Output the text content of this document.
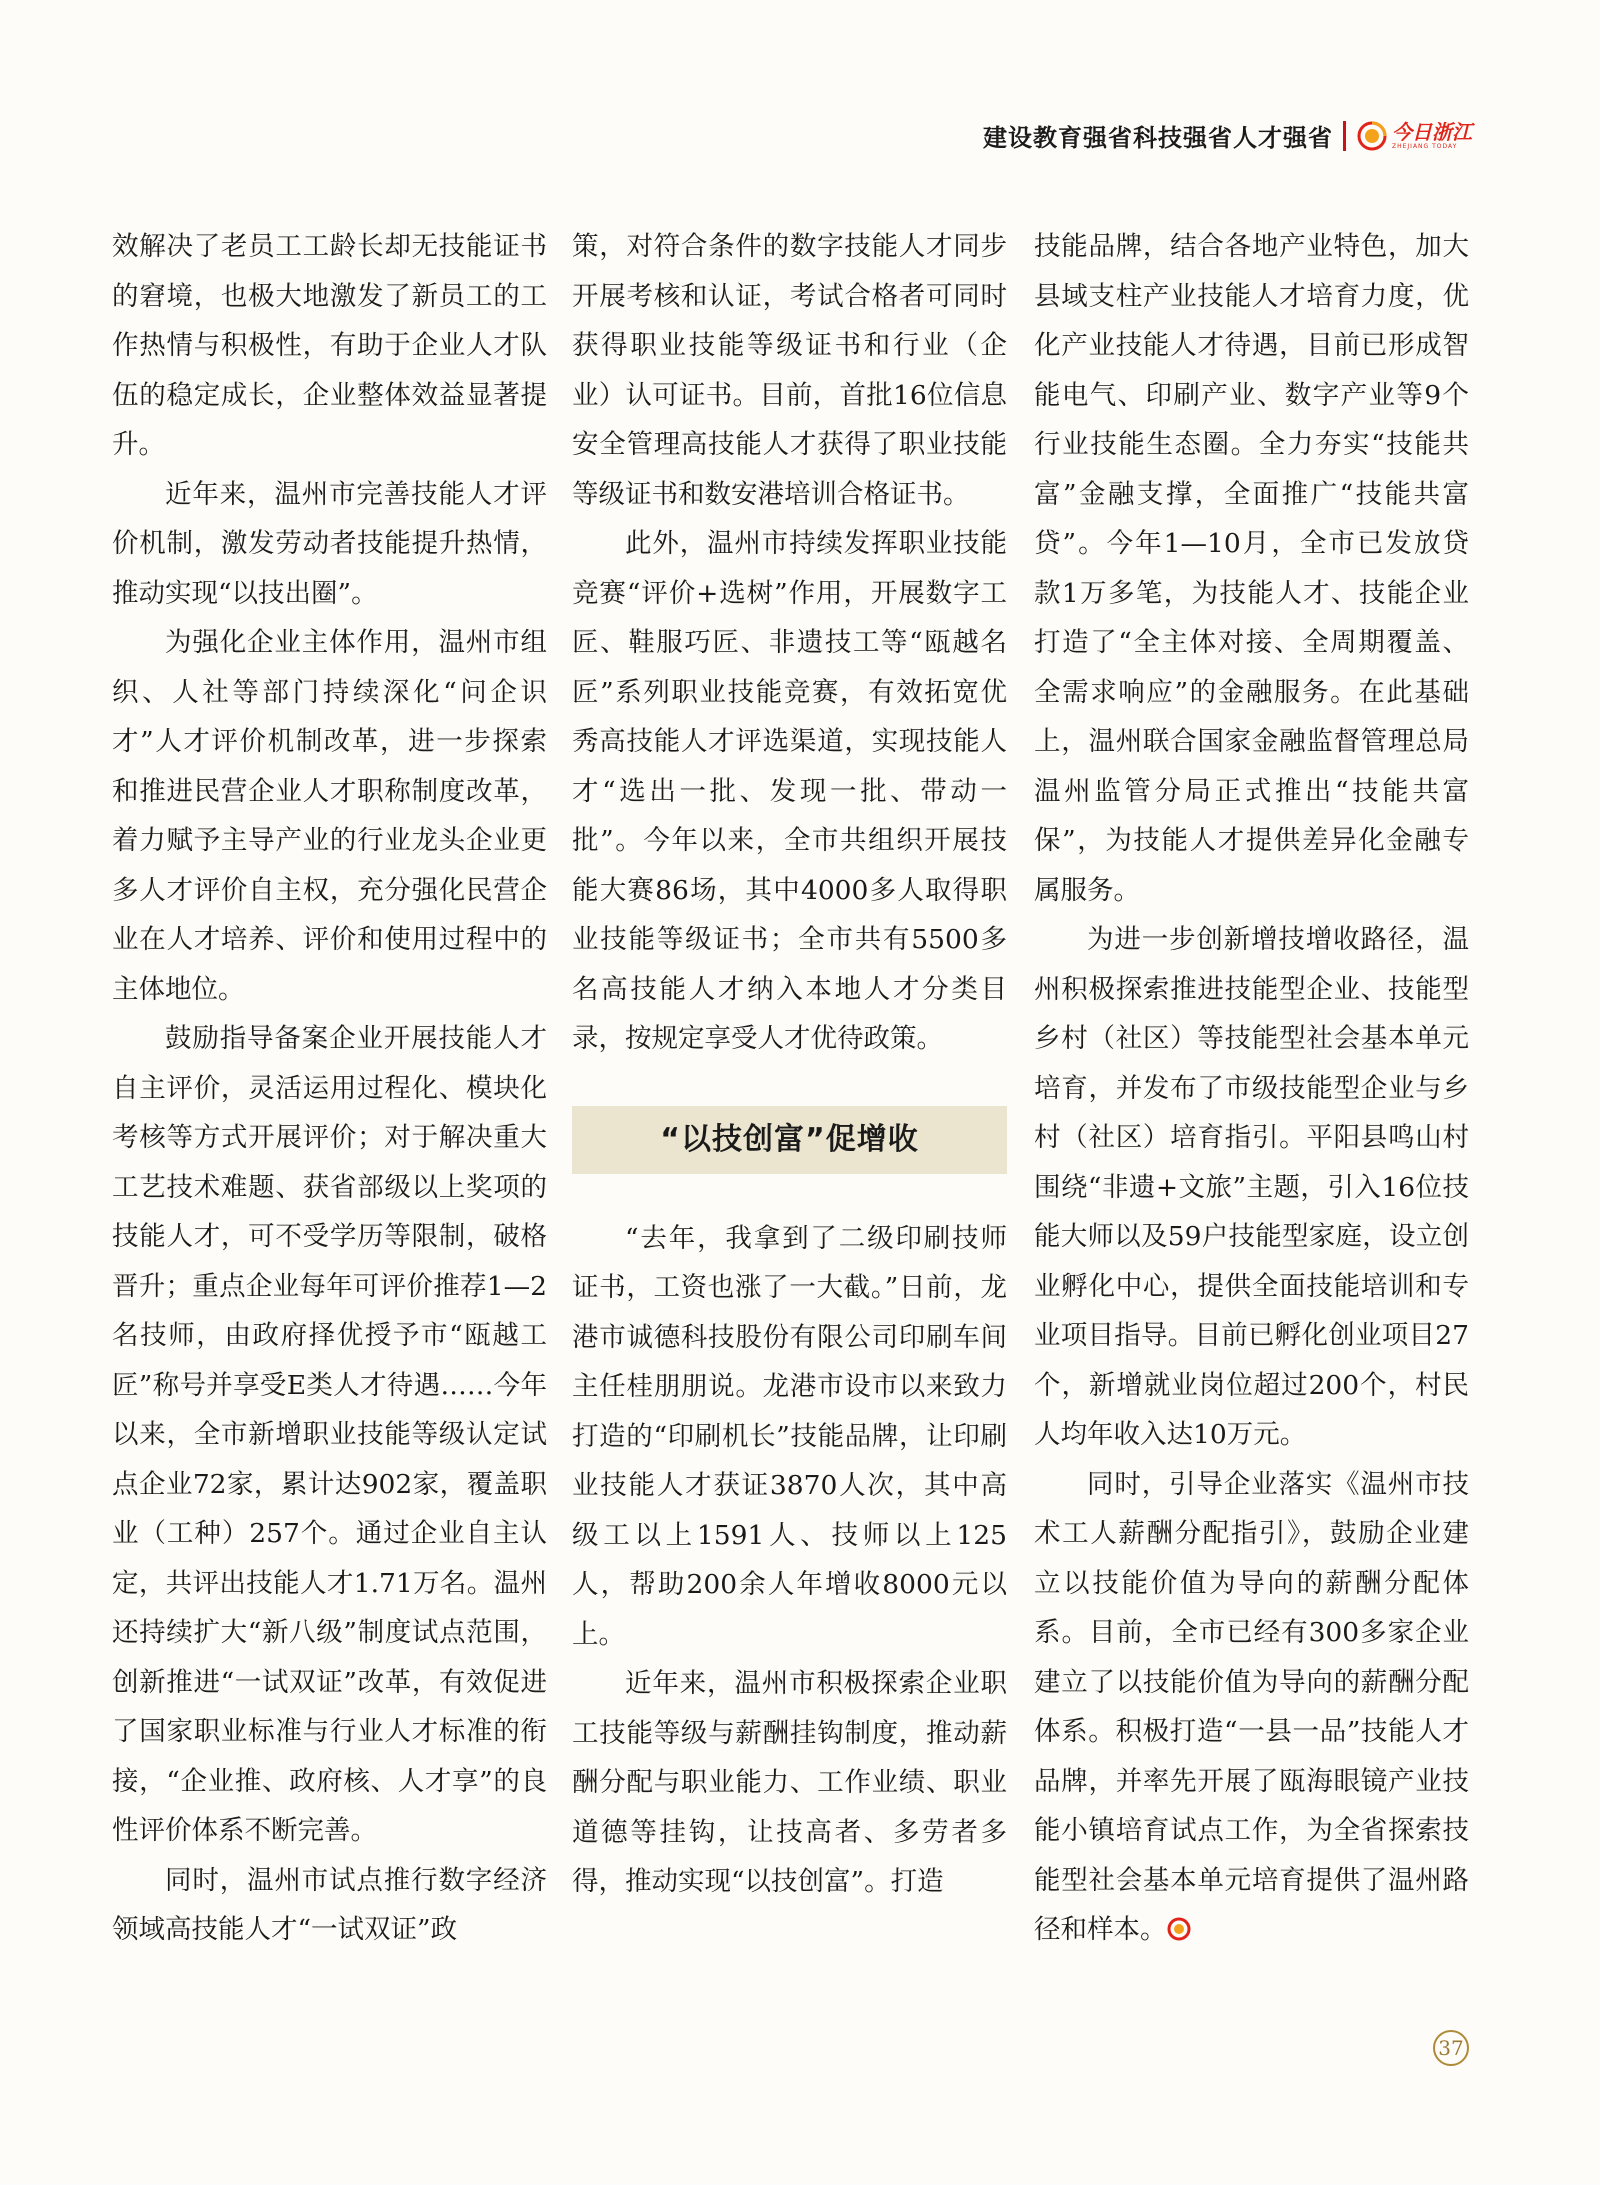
建设教育强省科技强省人才强省	今日浙江
ZHEJIANG TODAY

效解决了老员工工龄长却无技能证书的窘境，也极大地激发了新员工的工作热情与积极性，有助于企业人才队伍的稳定成长，企业整体效益显著提升。

近年来，温州市完善技能人才评价机制，激发劳动者技能提升热情，推动实现“以技出圈”。

为强化企业主体作用，温州市组织、人社等部门持续深化“问企识才”人才评价机制改革，进一步探索和推进民营企业人才职称制度改革，着力赋予主导产业的行业龙头企业更多人才评价自主权，充分强化民营企业在人才培养、评价和使用过程中的主体地位。

鼓励指导备案企业开展技能人才自主评价，灵活运用过程化、模块化考核等方式开展评价；对于解决重大工艺技术难题、获省部级以上奖项的技能人才，可不受学历等限制，破格晋升；重点企业每年可评价推荐1—2名技师，由政府择优授予市“瓯越工匠”称号并享受E类人才待遇……今年以来，全市新增职业技能等级认定试点企业72家，累计达902家，覆盖职业（工种）257个。通过企业自主认定，共评出技能人才1.71万名。温州还持续扩大“新八级”制度试点范围，创新推进“一试双证”改革，有效促进了国家职业标准与行业人才标准的衔接，“企业推、政府核、人才享”的良性评价体系不断完善。

同时，温州市试点推行数字经济领域高技能人才“一试双证”政

策，对符合条件的数字技能人才同步开展考核和认证，考试合格者可同时获得职业技能等级证书和行业（企业）认可证书。目前，首批16位信息安全管理高技能人才获得了职业技能等级证书和数安港培训合格证书。

此外，温州市持续发挥职业技能竞赛“评价+选树”作用，开展数字工匠、鞋服巧匠、非遗技工等“瓯越名匠”系列职业技能竞赛，有效拓宽优秀高技能人才评选渠道，实现技能人才“选出一批、发现一批、带动一批”。今年以来，全市共组织开展技能大赛86场，其中4000多人取得职业技能等级证书；全市共有5500多名高技能人才纳入本地人才分类目录，按规定享受人才优待政策。

“以技创富”促增收

“去年，我拿到了二级印刷技师证书，工资也涨了一大截。”日前，龙港市诚德科技股份有限公司印刷车间主任桂朋朋说。龙港市设市以来致力打造的“印刷机长”技能品牌，让印刷业技能人才获证3870人次，其中高级工以上1591人、技师以上125人，帮助200余人年增收8000元以上。

近年来，温州市积极探索企业职工技能等级与薪酬挂钩制度，推动薪酬分配与职业能力、工作业绩、职业道德等挂钩，让技高者、多劳者多得，推动实现“以技创富”。打造

技能品牌，结合各地产业特色，加大县域支柱产业技能人才培育力度，优化产业技能人才待遇，目前已形成智能电气、印刷产业、数字产业等9个行业技能生态圈。全力夯实“技能共富”金融支撑，全面推广“技能共富贷”。今年1—10月，全市已发放贷款1万多笔，为技能人才、技能企业打造了“全主体对接、全周期覆盖、全需求响应”的金融服务。在此基础上，温州联合国家金融监督管理总局温州监管分局正式推出“技能共富保”，为技能人才提供差异化金融专属服务。

为进一步创新增技增收路径，温州积极探索推进技能型企业、技能型乡村（社区）等技能型社会基本单元培育，并发布了市级技能型企业与乡村（社区）培育指引。平阳县鸣山村围绕“非遗+文旅”主题，引入16位技能大师以及59户技能型家庭，设立创业孵化中心，提供全面技能培训和专业项目指导。目前已孵化创业项目27个，新增就业岗位超过200个，村民人均年收入达10万元。

同时，引导企业落实《温州市技术工人薪酬分配指引》，鼓励企业建立以技能价值为导向的薪酬分配体系。目前，全市已经有300多家企业建立了以技能价值为导向的薪酬分配体系。积极打造“一县一品”技能人才品牌，并率先开展了瓯海眼镜产业技能小镇培育试点工作，为全省探索技能型社会基本单元培育提供了温州路径和样本。

37
